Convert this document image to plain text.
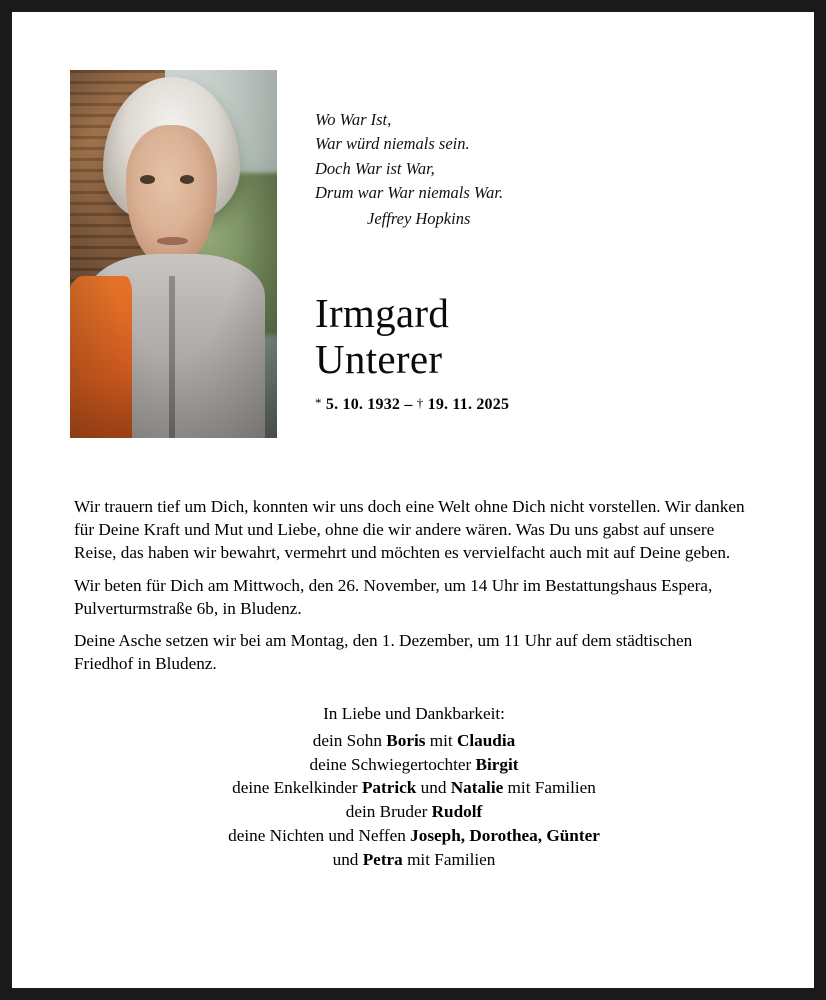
Wo War Ist,
War würd niemals sein.
Doch War ist War,
Drum war War niemals War.
Jeffrey Hopkins
Irmgard
Unterer
* 5. 10. 1932 – † 19. 11. 2025

Wir trauern tief um Dich, konnten wir uns doch eine Welt ohne Dich nicht vorstellen. Wir danken für Deine Kraft und Mut und Liebe, ohne die wir andere wären. Was Du uns gabst auf unsere Reise, das haben wir bewahrt, vermehrt und möchten es vervielfacht auch mit auf Deine geben.

Wir beten für Dich am Mittwoch, den 26. November, um 14 Uhr im Bestattungshaus Espera, Pulverturmstraße 6b, in Bludenz.

Deine Asche setzen wir bei am Montag, den 1. Dezember, um 11 Uhr auf dem städtischen Friedhof in Bludenz.

In Liebe und Dankbarkeit:
dein Sohn Boris mit Claudia
deine Schwiegertochter Birgit
deine Enkelkinder Patrick und Natalie mit Familien
dein Bruder Rudolf
deine Nichten und Neffen Joseph, Dorothea, Günter
und Petra mit Familien
